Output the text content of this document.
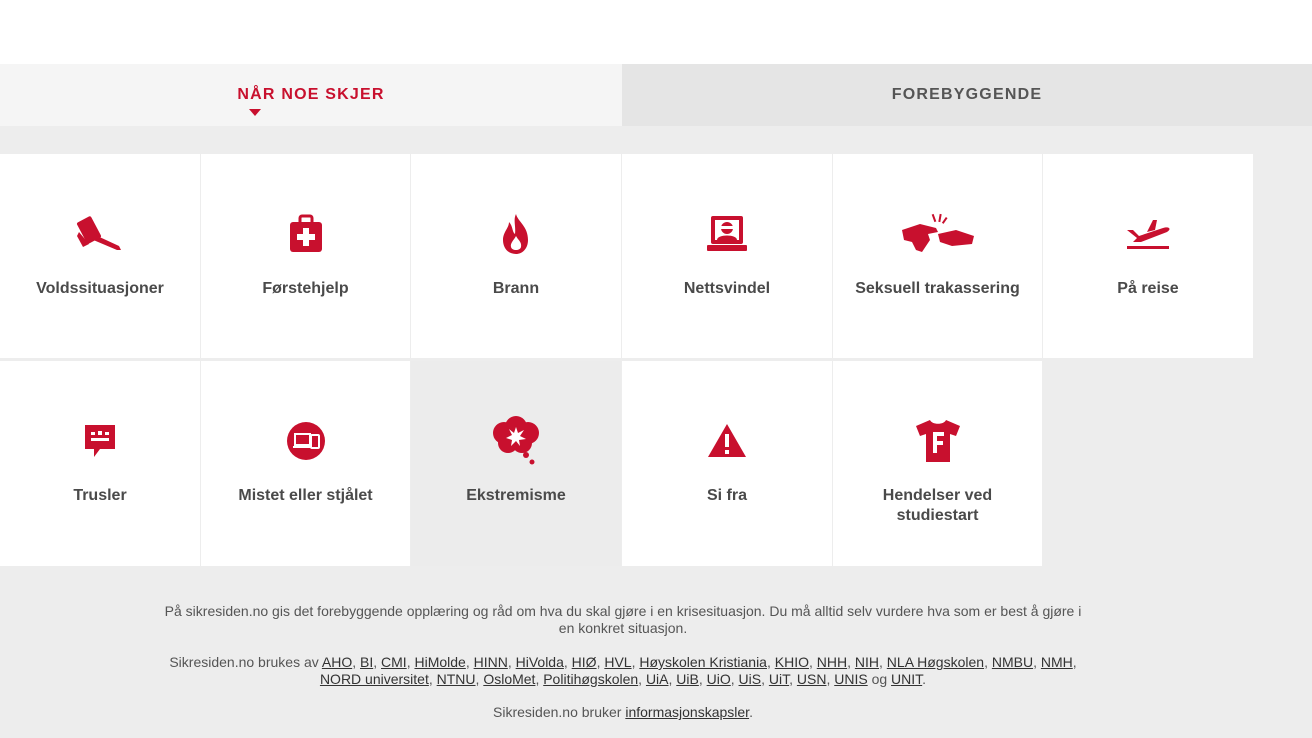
NÅR NOE SKJER	FOREBYGGENDE
Voldssituasjoner	Førstehjelp	Brann	Nettsvindel	Seksuell trakassering	På reise
Trusler	Mistet eller stjålet	Ekstremisme	Si fra	Hendelser ved studiestart

På sikresiden.no gis det forebyggende opplæring og råd om hva du skal gjøre i en krisesituasjon. Du må alltid selv vurdere hva som er best å gjøre i en konkret situasjon.

Sikresiden.no brukes av AHO, BI, CMI, HiMolde, HINN, HiVolda, HIØ, HVL, Høyskolen Kristiania, KHIO, NHH, NIH, NLA Høgskolen, NMBU, NMH, NORD universitet, NTNU, OsloMet, Politihøgskolen, UiA, UiB, UiO, UiS, UiT, USN, UNIS og UNIT.

Sikresiden.no bruker informasjonskapsler.
